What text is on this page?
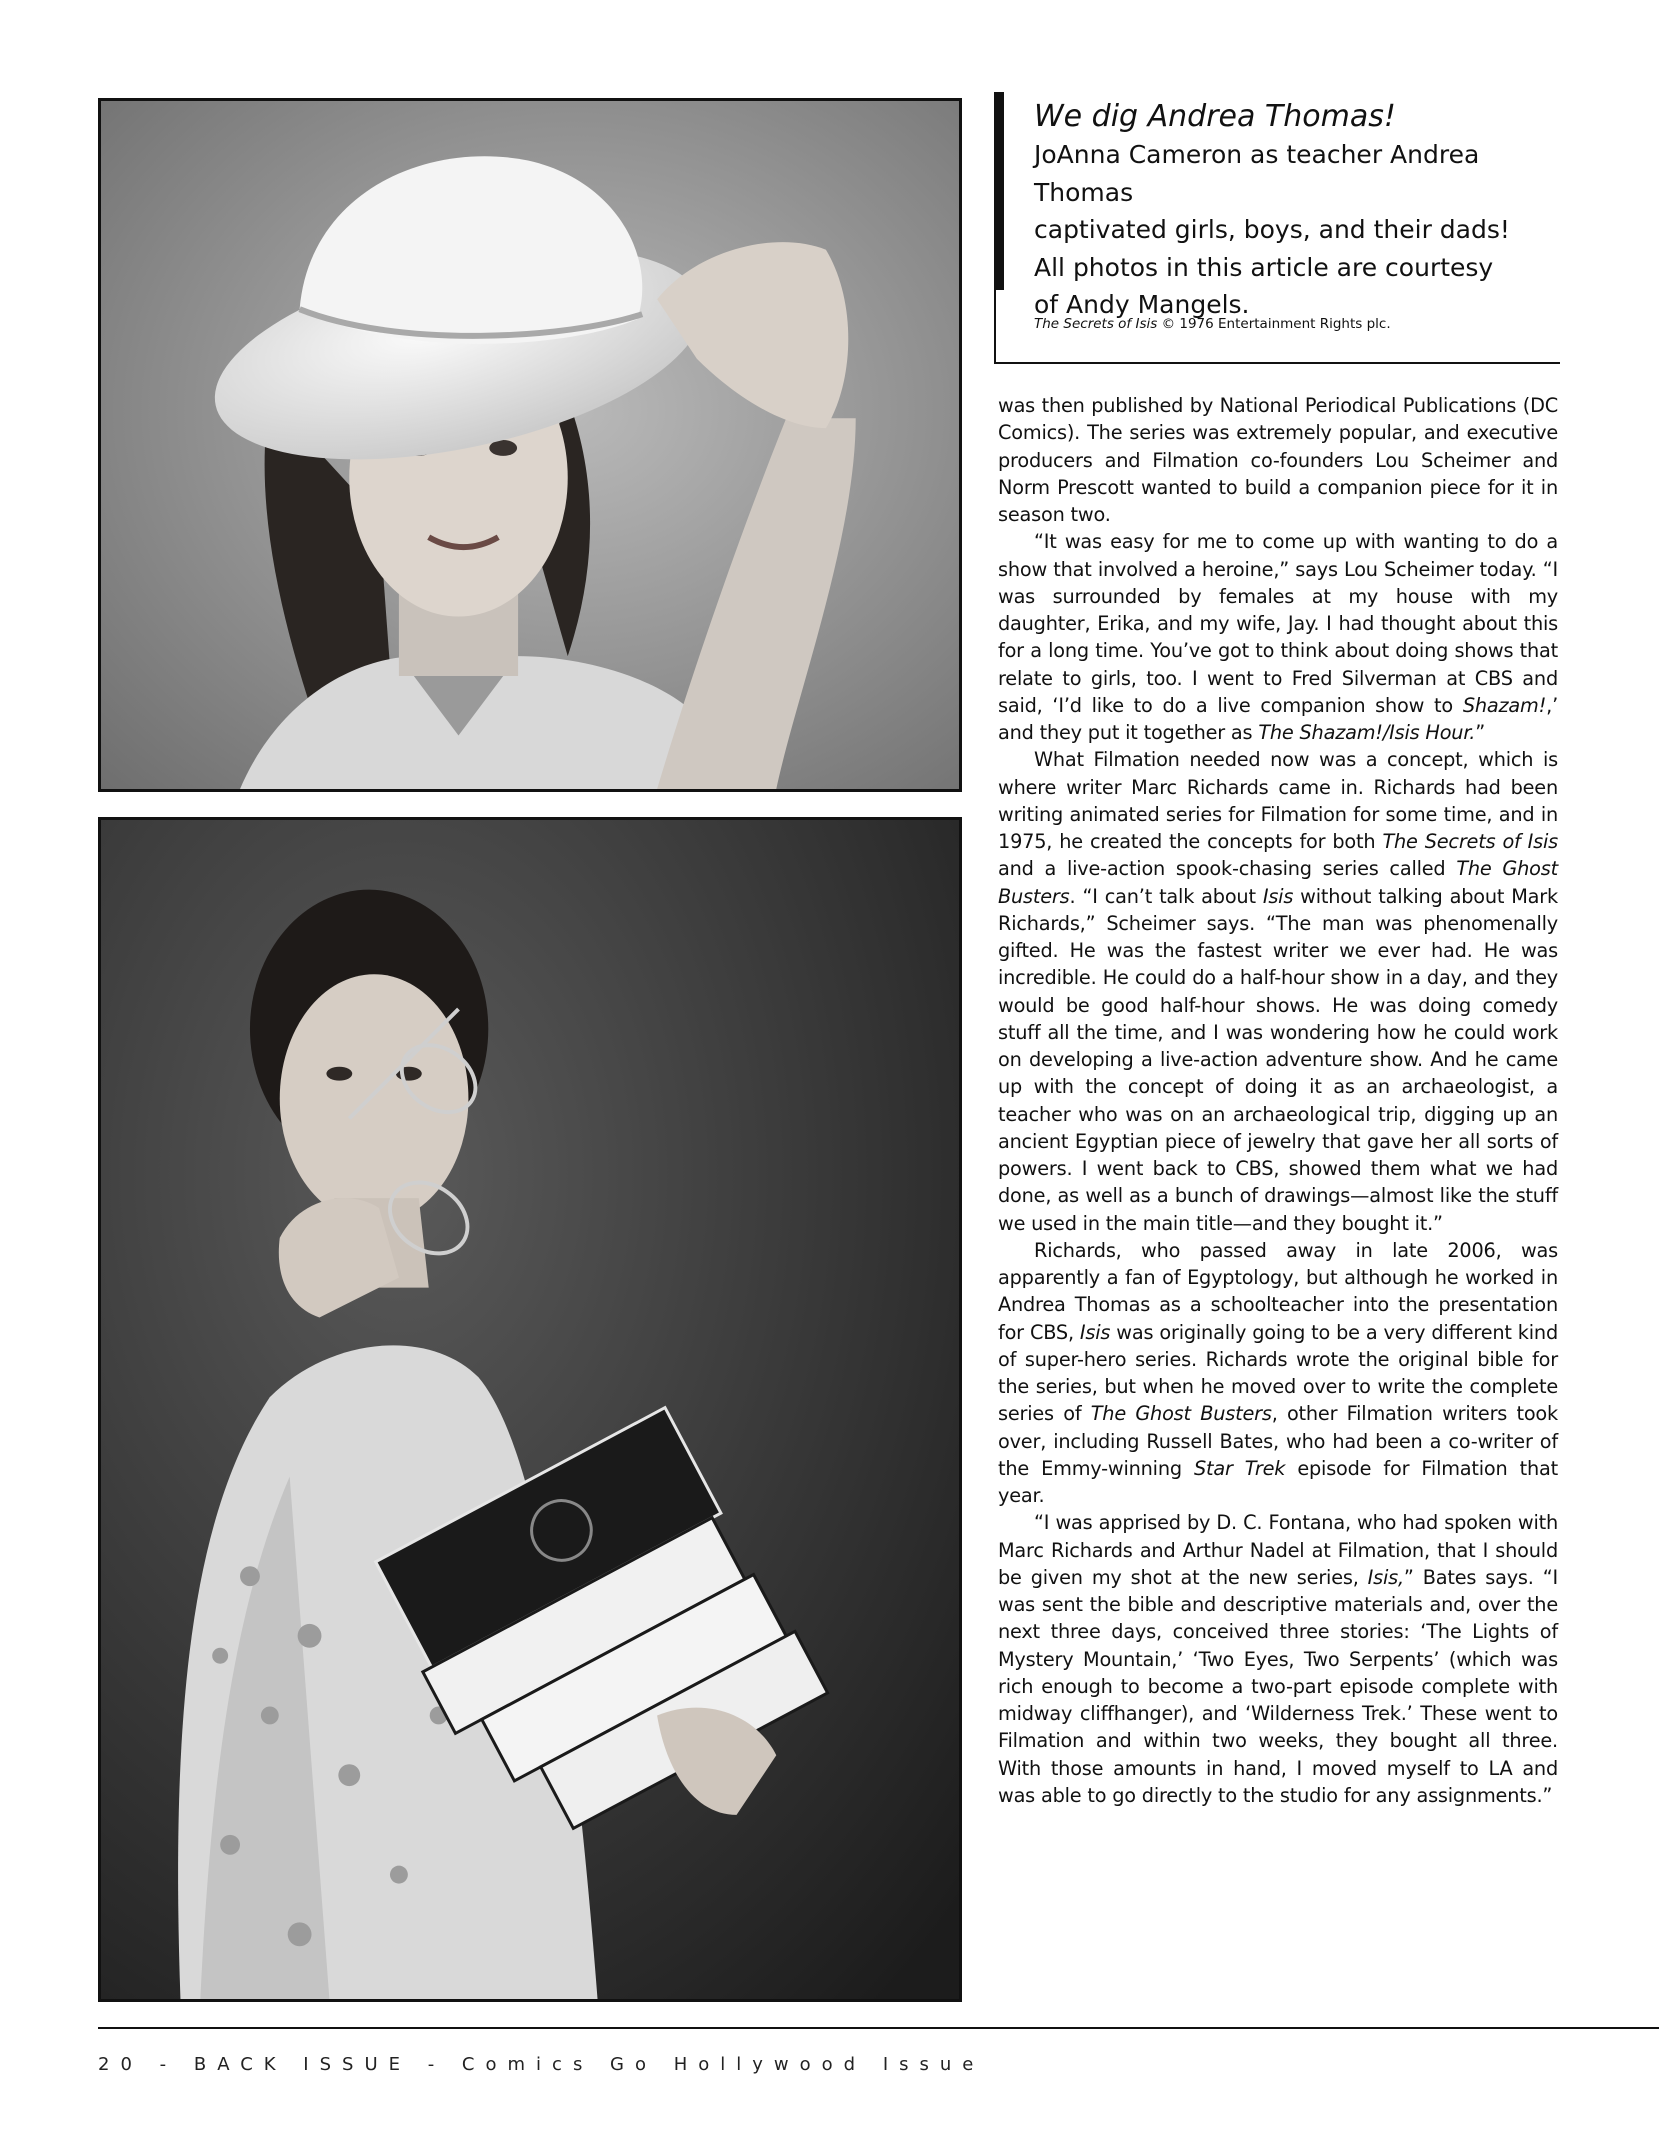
We dig Andrea Thomas!
JoAnna Cameron as teacher Andrea Thomas
captivated girls, boys, and their dads!
All photos in this article are courtesy
of Andy Mangels.
The Secrets of Isis © 1976 Entertainment Rights plc.

was then published by National Periodical Publications (DC Comics). The series was extremely popular, and executive producers and Filmation co-founders Lou Scheimer and Norm Prescott wanted to build a companion piece for it in season two.

“It was easy for me to come up with wanting to do a show that involved a heroine,” says Lou Scheimer today. “I was surrounded by females at my house with my daughter, Erika, and my wife, Jay. I had thought about this for a long time. You’ve got to think about doing shows that relate to girls, too. I went to Fred Silverman at CBS and said, ‘I’d like to do a live companion show to Shazam!,’ and they put it together as The Shazam!/Isis Hour.”

What Filmation needed now was a concept, which is where writer Marc Richards came in. Richards had been writing animated series for Filmation for some time, and in 1975, he created the concepts for both The Secrets of Isis and a live-action spook-chasing series called The Ghost Busters. “I can’t talk about Isis without talking about Mark Richards,” Scheimer says. “The man was phenomenally gifted. He was the fastest writer we ever had. He was incredible. He could do a half-hour show in a day, and they would be good half-hour shows. He was doing comedy stuff all the time, and I was wondering how he could work on developing a live-action adventure show. And he came up with the concept of doing it as an archaeologist, a teacher who was on an archaeological trip, digging up an ancient Egyptian piece of jewelry that gave her all sorts of powers. I went back to CBS, showed them what we had done, as well as a bunch of drawings—almost like the stuff we used in the main title—and they bought it.”

Richards, who passed away in late 2006, was apparently a fan of Egyptology, but although he worked in Andrea Thomas as a schoolteacher into the presentation for CBS, Isis was originally going to be a very different kind of super-hero series. Richards wrote the original bible for the series, but when he moved over to write the complete series of The Ghost Busters, other Filmation writers took over, including Russell Bates, who had been a co-writer of the Emmy-winning Star Trek episode for Filmation that year.

“I was apprised by D. C. Fontana, who had spoken with Marc Richards and Arthur Nadel at Filmation, that I should be given my shot at the new series, Isis,” Bates says. “I was sent the bible and descriptive materials and, over the next three days, conceived three stories: ‘The Lights of Mystery Mountain,’ ‘Two Eyes, Two Serpents’ (which was rich enough to become a two-part episode complete with midway cliffhanger), and ‘Wilderness Trek.’ These went to Filmation and within two weeks, they bought all three. With those amounts in hand, I moved myself to LA and was able to go directly to the studio for any assignments.”

20 - BACK ISSUE - Comics Go Hollywood Issue
